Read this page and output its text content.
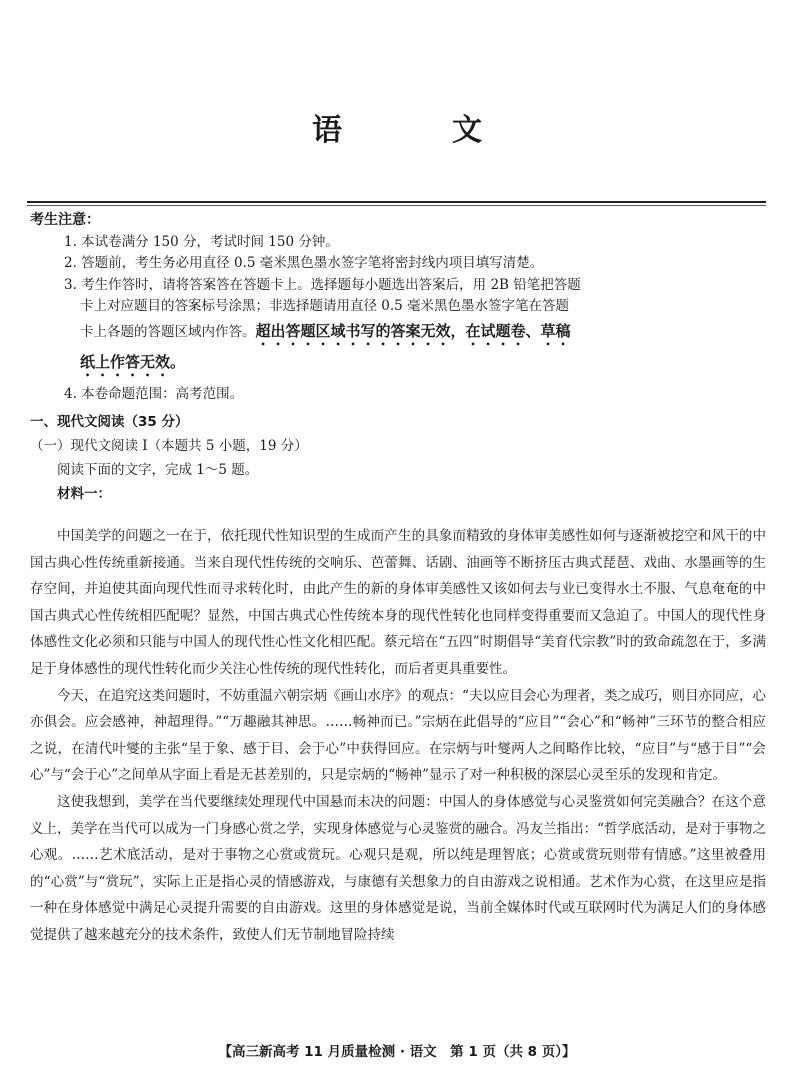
语　文
考生注意：
1. 本试卷满分 150 分，考试时间 150 分钟。
2. 答题前，考生务必用直径 0.5 毫米黑色墨水签字笔将密封线内项目填写清楚。
3. 考生作答时，请将答案答在答题卡上。选择题每小题选出答案后，用 2B 铅笔把答题
卡上对应题目的答案标号涂黑；非选择题请用直径 0.5 毫米黑色墨水签字笔在答题
卡上各题的答题区域内作答。超出答题区域书写的答案无效，在试题卷、草稿
纸上作答无效。
4. 本卷命题范围：高考范围。
一、现代文阅读（35 分）
（一）现代文阅读 I（本题共 5 小题，19 分）
阅读下面的文字，完成 1～5 题。
材料一：

中国美学的问题之一在于，依托现代性知识型的生成而产生的具象而精致的身体审美感性如何与逐渐被挖空和风干的中国古典心性传统重新接通。当来自现代性传统的交响乐、芭蕾舞、话剧、油画等不断挤压古典式琵琶、戏曲、水墨画等的生存空间，并迫使其面向现代性而寻求转化时，由此产生的新的身体审美感性又该如何去与业已变得水土不服、气息奄奄的中国古典式心性传统相匹配呢？显然，中国古典式心性传统本身的现代性转化也同样变得重要而又急迫了。中国人的现代性身体感性文化必须和只能与中国人的现代性心性文化相匹配。蔡元培在“五四”时期倡导“美育代宗教”时的致命疏忽在于，多满足于身体感性的现代性转化而少关注心性传统的现代性转化，而后者更具重要性。

今天，在追究这类问题时，不妨重温六朝宗炳《画山水序》的观点：“夫以应目会心为理者，类之成巧，则目亦同应，心亦俱会。应会感神，神超理得。”“万趣融其神思。……畅神而已。”宗炳在此倡导的“应目”“会心”和“畅神”三环节的整合相应之说，在清代叶燮的主张“呈于象、感于目、会于心”中获得回应。在宗炳与叶燮两人之间略作比较，“应目”与“感于目”“会心”与“会于心”之间单从字面上看是无甚差别的，只是宗炳的“畅神”显示了对一种积极的深层心灵至乐的发现和肯定。

这使我想到，美学在当代要继续处理现代中国悬而未决的问题：中国人的身体感觉与心灵鉴赏如何完美融合？在这个意义上，美学在当代可以成为一门身感心赏之学，实现身体感觉与心灵鉴赏的融合。冯友兰指出：“哲学底活动，是对于事物之心观。……艺术底活动，是对于事物之心赏或赏玩。心观只是观，所以纯是理智底；心赏或赏玩则带有情感。”这里被叠用的“心赏”与“赏玩”，实际上正是指心灵的情感游戏，与康德有关想象力的自由游戏之说相通。艺术作为心赏，在这里应是指一种在身体感觉中满足心灵提升需要的自由游戏。这里的身体感觉是说，当前全媒体时代或互联网时代为满足人们的身体感觉提供了越来越充分的技术条件，致使人们无节制地冒险持续

【高三新高考 11 月质量检测 · 语文　第 1 页（共 8 页）】
